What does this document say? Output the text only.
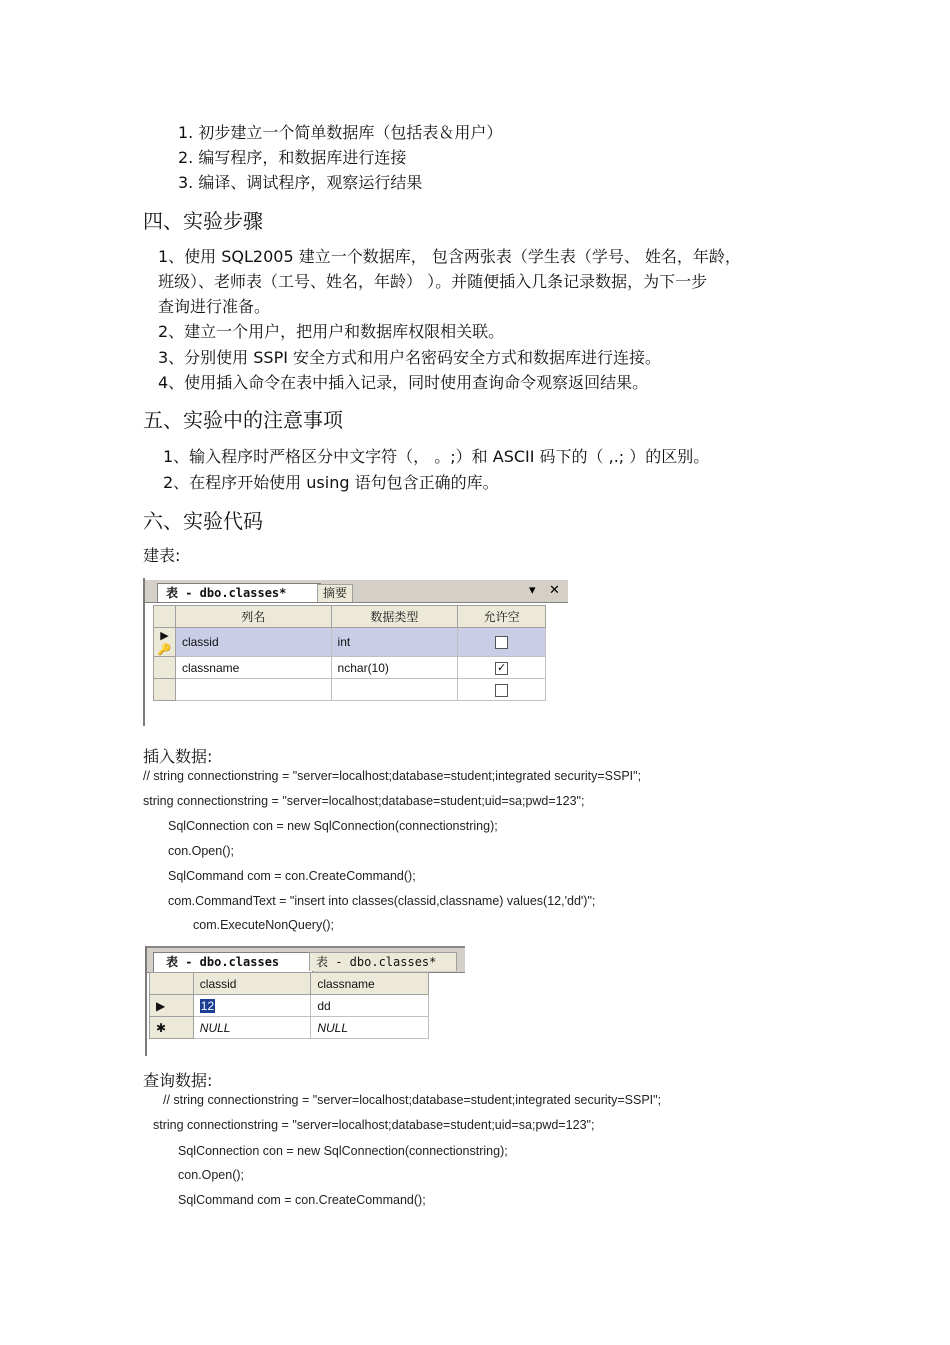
1. 初步建立一个简单数据库（包括表＆用户）
2. 编写程序，和数据库进行连接
3. 编译、调试程序，观察运行结果
四、实验步骤
1、使用 SQL2005 建立一个数据库， 包含两张表（学生表（学号、 姓名，年龄，
班级）、老师表（工号、姓名，年龄） ）。并随便插入几条记录数据，为下一步
查询进行准备。
2、建立一个用户，把用户和数据库权限相关联。
3、分别使用 SSPI 安全方式和用户名密码安全方式和数据库进行连接。
4、使用插入命令在表中插入记录，同时使用查询命令观察返回结果。
五、实验中的注意事项
1、输入程序时严格区分中文字符（， 。;）和 ASCII 码下的（ ,.; ）的区别。
2、在程序开始使用 using 语句包含正确的库。
六、实验代码
建表:
表 - dbo.classes*	摘要	▾ ✕
	列名	数据类型	允许空
▶🔑	classid	int	
	classname	nchar(10)	✓

插入数据:
// string connectionstring = "server=localhost;database=student;integrated security=SSPI";
string connectionstring = "server=localhost;database=student;uid=sa;pwd=123";
SqlConnection con = new SqlConnection(connectionstring);
con.Open();
SqlCommand com = con.CreateCommand();
com.CommandText = "insert into classes(classid,classname) values(12,'dd')";
com.ExecuteNonQuery();
表 - dbo.classes	表 - dbo.classes*
	classid	classname
▶	12	dd
✱	NULL	NULL
查询数据:
// string connectionstring = "server=localhost;database=student;integrated security=SSPI";
string connectionstring = "server=localhost;database=student;uid=sa;pwd=123";
SqlConnection con = new SqlConnection(connectionstring);
con.Open();
SqlCommand com = con.CreateCommand();
